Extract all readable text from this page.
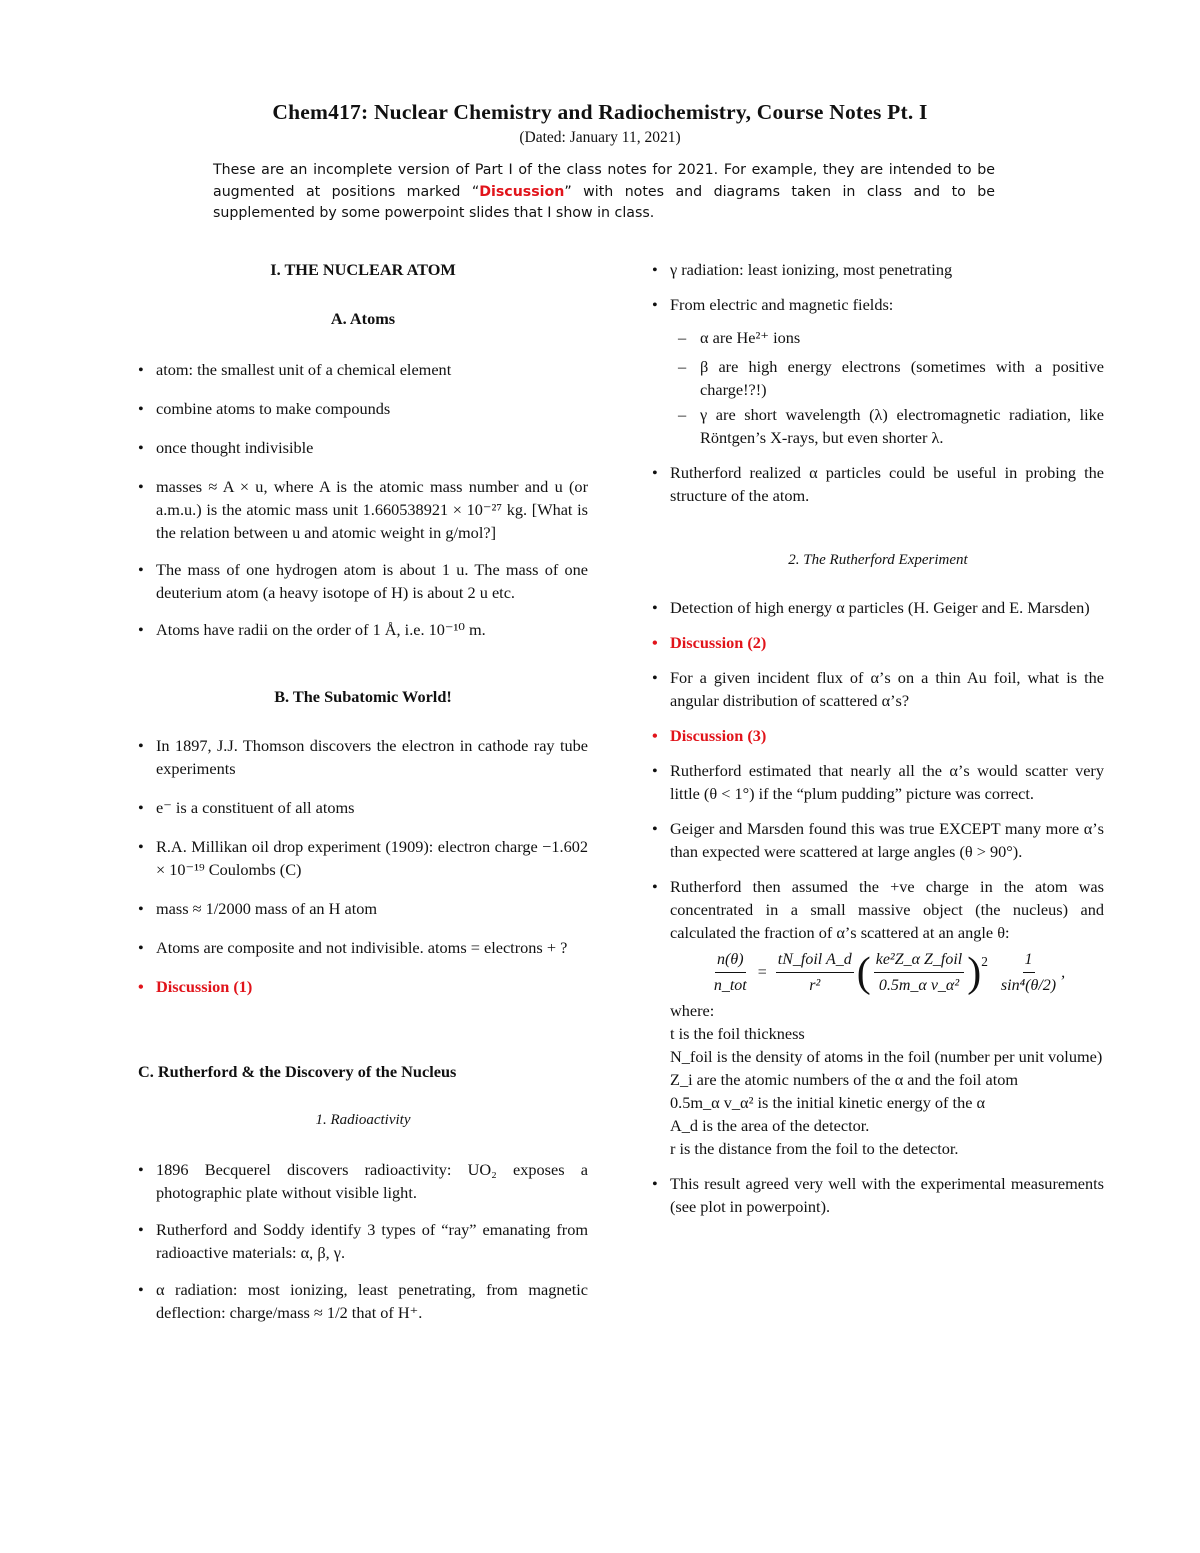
Chem417: Nuclear Chemistry and Radiochemistry, Course Notes Pt. I
(Dated: January 11, 2021)
These are an incomplete version of Part I of the class notes for 2021. For example, they are intended to be augmented at positions marked “Discussion” with notes and diagrams taken in class and to be supplemented by some powerpoint slides that I show in class.
I. THE NUCLEAR ATOM
A. Atoms
• atom: the smallest unit of a chemical element
• combine atoms to make compounds
• once thought indivisible
• masses ≈ A × u, where A is the atomic mass number and u (or a.m.u.) is the atomic mass unit 1.660538921 × 10⁻²⁷ kg. [What is the relation between u and atomic weight in g/mol?]
• The mass of one hydrogen atom is about 1 u. The mass of one deuterium atom (a heavy isotope of H) is about 2 u etc.
• Atoms have radii on the order of 1 Å, i.e. 10⁻¹⁰ m.
B. The Subatomic World!
• In 1897, J.J. Thomson discovers the electron in cathode ray tube experiments
• e⁻ is a constituent of all atoms
• R.A. Millikan oil drop experiment (1909): electron charge −1.602 × 10⁻¹⁹ Coulombs (C)
• mass ≈ 1/2000 mass of an H atom
• Atoms are composite and not indivisible. atoms = electrons + ?
• Discussion (1)
C. Rutherford & the Discovery of the Nucleus
1. Radioactivity
• 1896 Becquerel discovers radioactivity: UO₂ exposes a photographic plate without visible light.
• Rutherford and Soddy identify 3 types of “ray” emanating from radioactive materials: α, β, γ.
• α radiation: most ionizing, least penetrating, from magnetic deflection: charge/mass ≈ 1/2 that of H⁺.
• γ radiation: least ionizing, most penetrating
• From electric and magnetic fields:
– α are He²⁺ ions
– β are high energy electrons (sometimes with a positive charge!?!)
– γ are short wavelength (λ) electromagnetic radiation, like Röntgen’s X-rays, but even shorter λ.
• Rutherford realized α particles could be useful in probing the structure of the atom.
2. The Rutherford Experiment
• Detection of high energy α particles (H. Geiger and E. Marsden)
• Discussion (2)
• For a given incident flux of α’s on a thin Au foil, what is the angular distribution of scattered α’s?
• Discussion (3)
• Rutherford estimated that nearly all the α’s would scatter very little (θ < 1°) if the “plum pudding” picture was correct.
• Geiger and Marsden found this was true EXCEPT many more α’s than expected were scattered at large angles (θ > 90°).
• Rutherford then assumed the +ve charge in the atom was concentrated in a small massive object (the nucleus) and calculated the fraction of α’s scattered at an angle θ:
$\frac{n(\theta)}{\text{n\_tot}} = \frac{\text{tN\_foil A\_d}}{\text{r²}}$ ( $\frac{\text{ke²Z\_α Z\_foil}}{\text{0.5m\_α v\_α²}} )^2 \frac{1}{\text{sin⁴(θ/2)}}$ ,
where:
t is the foil thickness
N_foil is the density of atoms in the foil (number per unit volume)
Z_i are the atomic numbers of the α and the foil atom
0.5m_α v_α² is the initial kinetic energy of the α
A_d is the area of the detector.
r is the distance from the foil to the detector.
• This result agreed very well with the experimental measurements (see plot in powerpoint).
